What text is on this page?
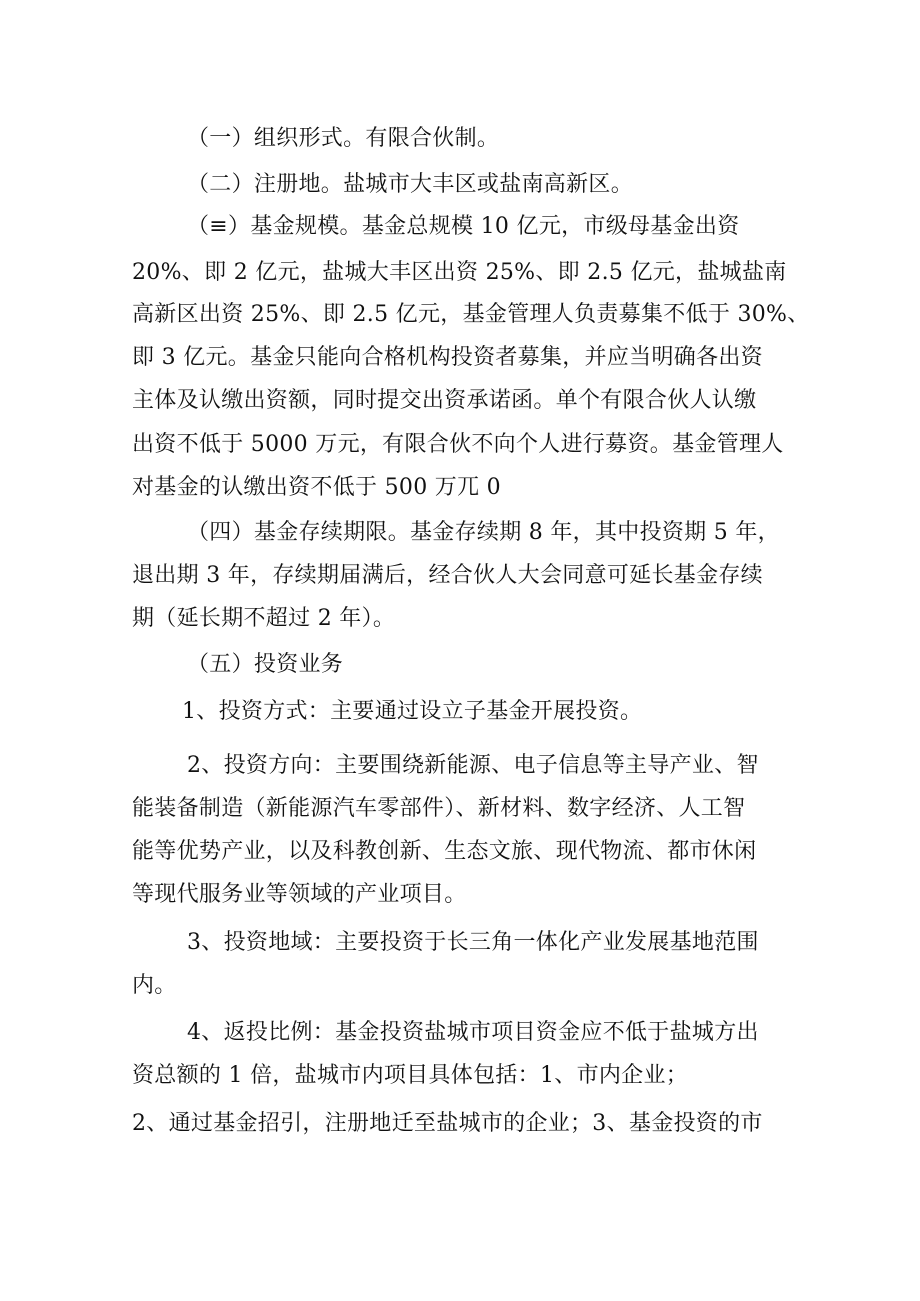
（一）组织形式。有限合伙制。
（二）注册地。盐城市大丰区或盐南高新区。
（≡）基金规模。基金总规模 10 亿元，市级母基金出资
20%、即 2 亿元，盐城大丰区出资 25%、即 2.5 亿元，盐城盐南
高新区出资 25%、即 2.5 亿元，基金管理人负责募集不低于 30%、
即 3 亿元。基金只能向合格机构投资者募集，并应当明确各出资
主体及认缴出资额，同时提交出资承诺函。单个有限合伙人认缴
出资不低于 5000 万元，有限合伙不向个人进行募资。基金管理人
对基金的认缴出资不低于 500 万兀 0
（四）基金存续期限。基金存续期 8 年，其中投资期 5 年，
退出期 3 年，存续期届满后，经合伙人大会同意可延长基金存续
期（延长期不超过 2 年）。
（五）投资业务
1、投资方式：主要通过设立子基金开展投资。
2、投资方向：主要围绕新能源、电子信息等主导产业、智
能装备制造（新能源汽车零部件）、新材料、数字经济、人工智
能等优势产业，以及科教创新、生态文旅、现代物流、都市休闲
等现代服务业等领域的产业项目。
3、投资地域：主要投资于长三角一体化产业发展基地范围
内。
4、返投比例：基金投资盐城市项目资金应不低于盐城方出
资总额的 1 倍，盐城市内项目具体包括：1、市内企业；
2、通过基金招引，注册地迁至盐城市的企业；3、基金投资的市
